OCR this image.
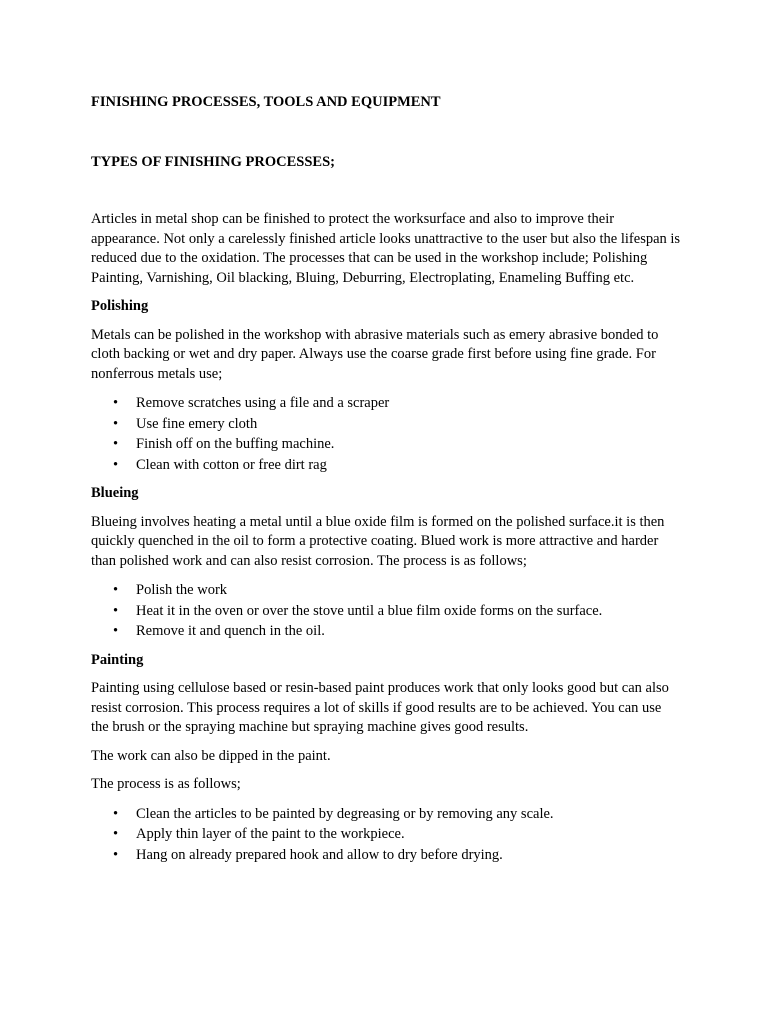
FINISHING PROCESSES, TOOLS AND EQUIPMENT
TYPES OF FINISHING PROCESSES;

Articles in metal shop can be finished to protect the worksurface and also to improve their appearance. Not only a carelessly finished article looks unattractive to the user but also the lifespan is reduced due to the oxidation. The processes that can be used in the workshop include; Polishing Painting, Varnishing, Oil blacking, Bluing, Deburring, Electroplating, Enameling Buffing etc.

Polishing

Metals can be polished in the workshop with abrasive materials such as emery abrasive bonded to cloth backing or wet and dry paper. Always use the coarse grade first before using fine grade. For nonferrous metals use;

• Remove scratches using a file and a scraper
• Use fine emery cloth
• Finish off on the buffing machine.
• Clean with cotton or free dirt rag
Blueing

Blueing involves heating a metal until a blue oxide film is formed on the polished surface.it is then quickly quenched in the oil to form a protective coating. Blued work is more attractive and harder than polished work and can also resist corrosion. The process is as follows;

• Polish the work
• Heat it in the oven or over the stove until a blue film oxide forms on the surface.
• Remove it and quench in the oil.
Painting

Painting using cellulose based or resin-based paint produces work that only looks good but can also resist corrosion. This process requires a lot of skills if good results are to be achieved. You can use the brush or the spraying machine but spraying machine gives good results.

The work can also be dipped in the paint.

The process is as follows;

• Clean the articles to be painted by degreasing or by removing any scale.
• Apply thin layer of the paint to the workpiece.
• Hang on already prepared hook and allow to dry before drying.
